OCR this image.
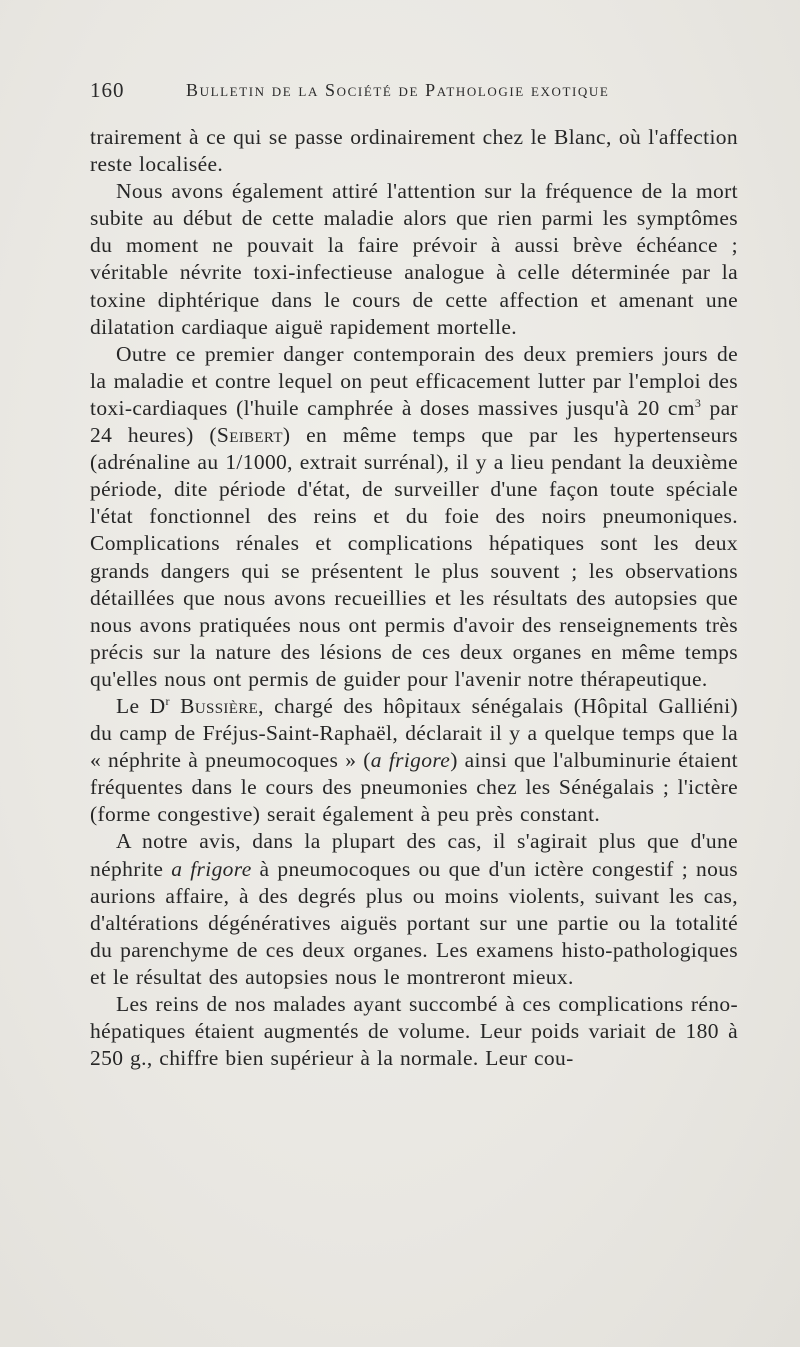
160	Bulletin de la Société de Pathologie exotique

trairement à ce qui se passe ordinairement chez le Blanc, où l'affection reste localisée.

Nous avons également attiré l'attention sur la fréquence de la mort subite au début de cette maladie alors que rien parmi les symptômes du moment ne pouvait la faire prévoir à aussi brève échéance ; véritable névrite toxi-infectieuse analogue à celle déterminée par la toxine diphtérique dans le cours de cette affection et amenant une dilatation cardiaque aiguë rapidement mortelle.

Outre ce premier danger contemporain des deux premiers jours de la maladie et contre lequel on peut efficacement lutter par l'emploi des toxi-cardiaques (l'huile camphrée à doses massives jusqu'à 20 $cm^3$ par 24 heures) (Seibert) en même temps que par les hypertenseurs (adrénaline au 1/1000, extrait surrénal), il y a lieu pendant la deuxième période, dite période d'état, de surveiller d'une façon toute spéciale l'état fonctionnel des reins et du foie des noirs pneumoniques. Complications rénales et complications hépatiques sont les deux grands dangers qui se présentent le plus souvent ; les observations détaillées que nous avons recueillies et les résultats des autopsies que nous avons pratiquées nous ont permis d'avoir des renseignements très précis sur la nature des lésions de ces deux organes en même temps qu'elles nous ont permis de guider pour l'avenir notre thérapeutique.

Le $D^r$ Bussière, chargé des hôpitaux sénégalais (Hôpital Galliéni) du camp de Fréjus-Saint-Raphaël, déclarait il y a quelque temps que la « néphrite à pneumocoques » (a frigore) ainsi que l'albuminurie étaient fréquentes dans le cours des pneumonies chez les Sénégalais ; l'ictère (forme congestive) serait également à peu près constant.

A notre avis, dans la plupart des cas, il s'agirait plus que d'une néphrite a frigore à pneumocoques ou que d'un ictère congestif ; nous aurions affaire, à des degrés plus ou moins violents, suivant les cas, d'altérations dégénératives aiguës portant sur une partie ou la totalité du parenchyme de ces deux organes. Les examens histo-pathologiques et le résultat des autopsies nous le montreront mieux.

Les reins de nos malades ayant succombé à ces complications réno-hépatiques étaient augmentés de volume. Leur poids variait de 180 à 250 g., chiffre bien supérieur à la normale. Leur cou-
